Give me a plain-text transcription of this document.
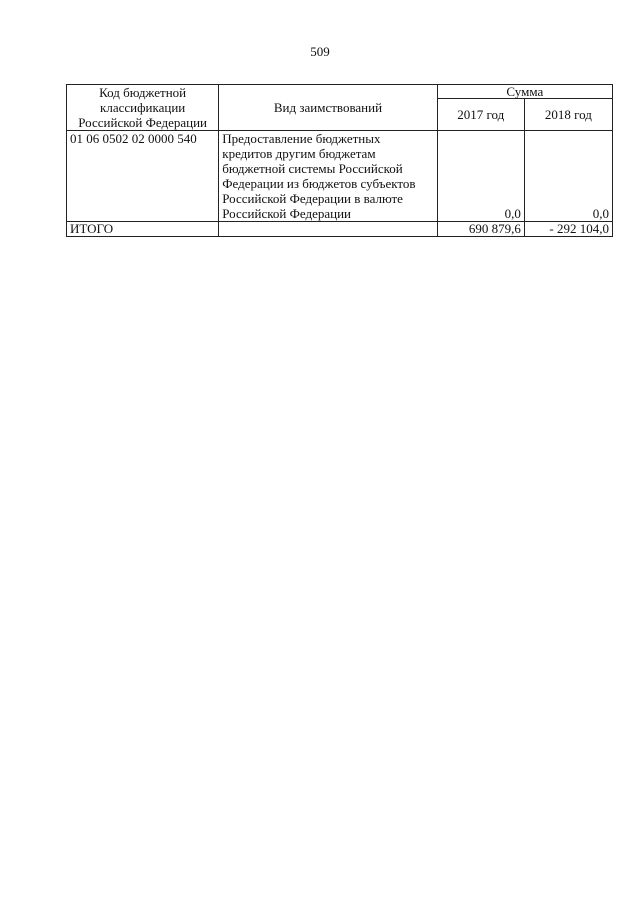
509
Код бюджетной классификации Российской Федерации	Вид заимствований	Сумма	
		2017 год	2018 год
01 06 0502 02 0000 540	Предоставление бюджетных кредитов другим бюджетам бюджетной системы Российской Федерации из бюджетов субъектов Российской Федерации в валюте Российской Федерации	0,0	0,0
ИТОГО		690 879,6	- 292 104,0
